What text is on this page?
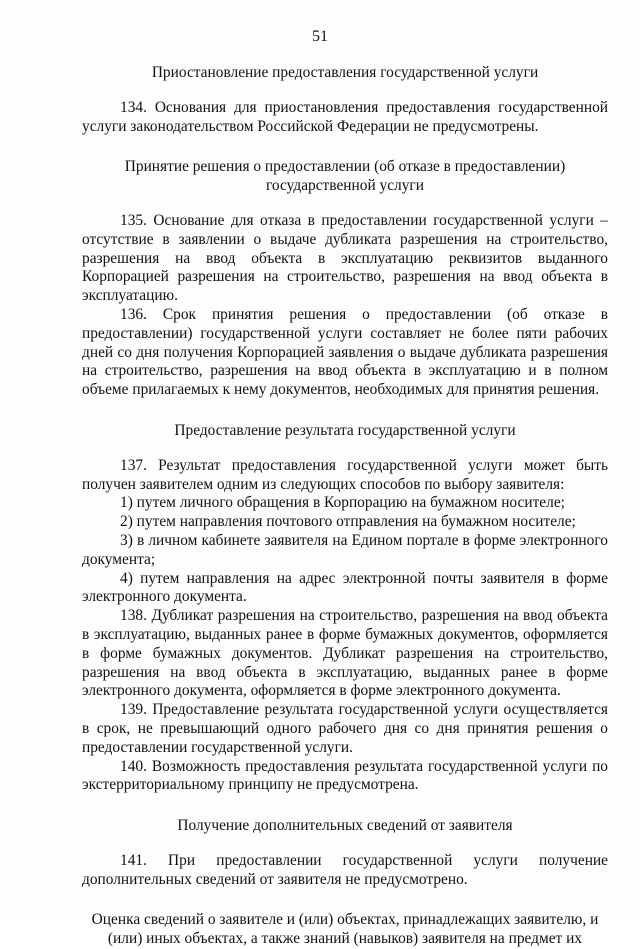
51

Приостановление предоставления государственной услуги

134. Основания для приостановления предоставления государственной услуги законодательством Российской Федерации не предусмотрены.

Принятие решения о предоставлении (об отказе в предоставлении)
государственной услуги

135. Основание для отказа в предоставлении государственной услуги – отсутствие в заявлении о выдаче дубликата разрешения на строительство, разрешения на ввод объекта в эксплуатацию реквизитов выданного Корпорацией разрешения на строительство, разрешения на ввод объекта в эксплуатацию.

136. Срок принятия решения о предоставлении (об отказе в предоставлении) государственной услуги составляет не более пяти рабочих дней со дня получения Корпорацией заявления о выдаче дубликата разрешения на строительство, разрешения на ввод объекта в эксплуатацию и в полном объеме прилагаемых к нему документов, необходимых для принятия решения.

Предоставление результата государственной услуги

137. Результат предоставления государственной услуги может быть получен заявителем одним из следующих способов по выбору заявителя:

1) путем личного обращения в Корпорацию на бумажном носителе;

2) путем направления почтового отправления на бумажном носителе;

3) в личном кабинете заявителя на Едином портале в форме электронного документа;

4) путем направления на адрес электронной почты заявителя в форме электронного документа.

138. Дубликат разрешения на строительство, разрешения на ввод объекта в эксплуатацию, выданных ранее в форме бумажных документов, оформляется в форме бумажных документов. Дубликат разрешения на строительство, разрешения на ввод объекта в эксплуатацию, выданных ранее в форме электронного документа, оформляется в форме электронного документа.

139. Предоставление результата государственной услуги осуществляется в срок, не превышающий одного рабочего дня со дня принятия решения о предоставлении государственной услуги.

140. Возможность предоставления результата государственной услуги по экстерриториальному принципу не предусмотрена.

Получение дополнительных сведений от заявителя

141. При предоставлении государственной услуги получение дополнительных сведений от заявителя не предусмотрено.

Оценка сведений о заявителе и (или) объектах, принадлежащих заявителю, и
(или) иных объектах, а также знаний (навыков) заявителя на предмет их
